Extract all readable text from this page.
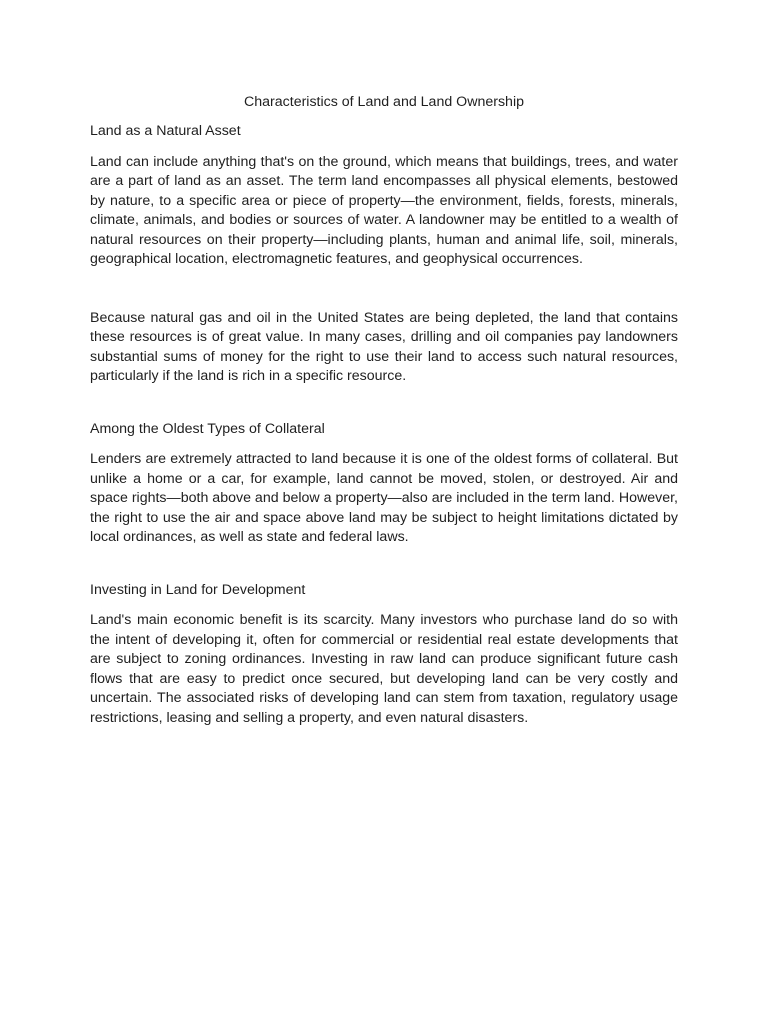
Characteristics of Land and Land Ownership
Land as a Natural Asset

Land can include anything that's on the ground, which means that buildings, trees, and water are a part of land as an asset. The term land encompasses all physical elements, bestowed by nature, to a specific area or piece of property—the environment, fields, forests, minerals, climate, animals, and bodies or sources of water. A landowner may be entitled to a wealth of natural resources on their property—including plants, human and animal life, soil, minerals, geographical location, electromagnetic features, and geophysical occurrences.

Because natural gas and oil in the United States are being depleted, the land that contains these resources is of great value. In many cases, drilling and oil companies pay landowners substantial sums of money for the right to use their land to access such natural resources, particularly if the land is rich in a specific resource.

Among the Oldest Types of Collateral

Lenders are extremely attracted to land because it is one of the oldest forms of collateral. But unlike a home or a car, for example, land cannot be moved, stolen, or destroyed. Air and space rights—both above and below a property—also are included in the term land. However, the right to use the air and space above land may be subject to height limitations dictated by local ordinances, as well as state and federal laws.

Investing in Land for Development

Land's main economic benefit is its scarcity. Many investors who purchase land do so with the intent of developing it, often for commercial or residential real estate developments that are subject to zoning ordinances. Investing in raw land can produce significant future cash flows that are easy to predict once secured, but developing land can be very costly and uncertain. The associated risks of developing land can stem from taxation, regulatory usage restrictions, leasing and selling a property, and even natural disasters.
